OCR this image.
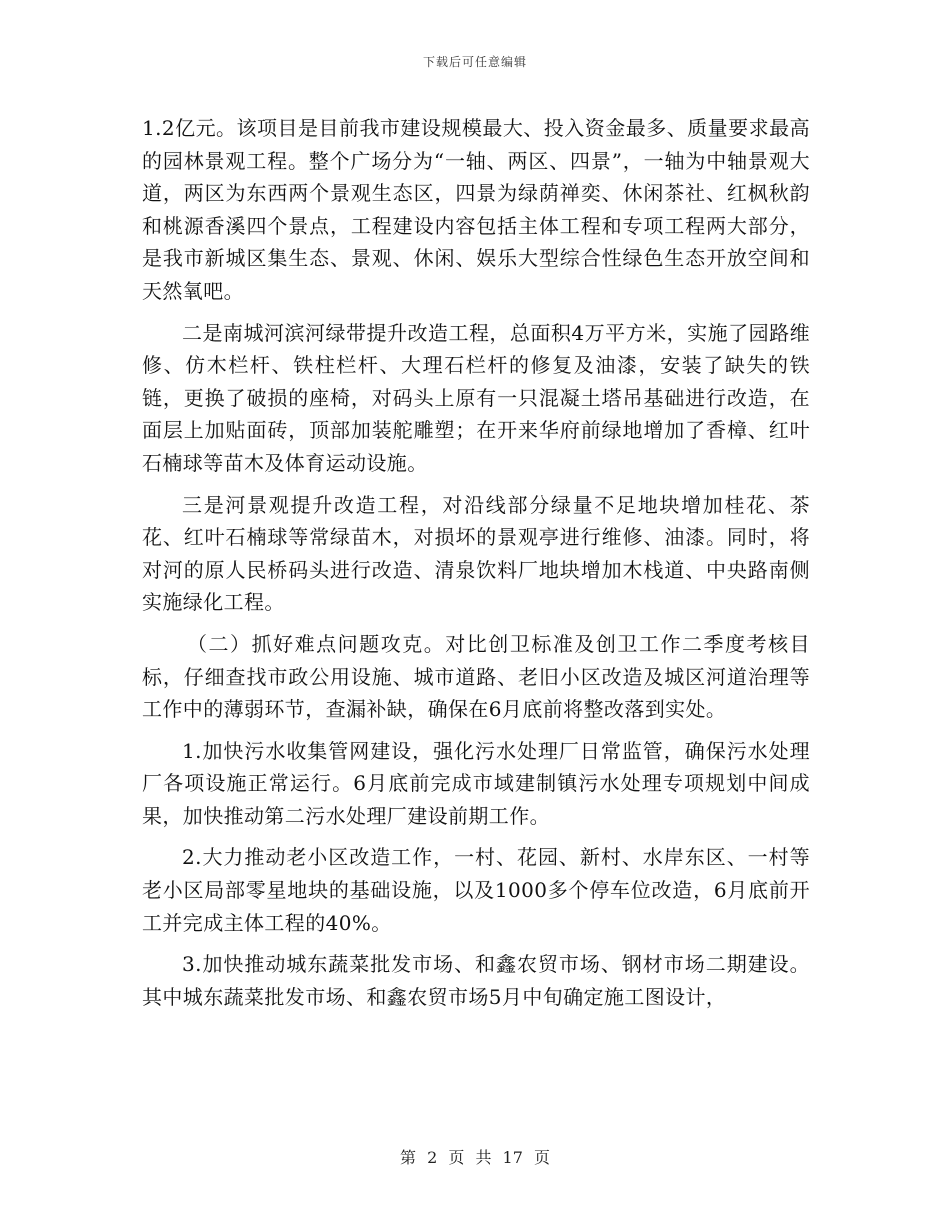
下载后可任意编辑

1.2亿元。该项目是目前我市建设规模最大、投入资金最多、质量要求最高的园林景观工程。整个广场分为“一轴、两区、四景”，一轴为中轴景观大道，两区为东西两个景观生态区，四景为绿荫禅奕、休闲茶社、红枫秋韵和桃源香溪四个景点，工程建设内容包括主体工程和专项工程两大部分，是我市新城区集生态、景观、休闲、娱乐大型综合性绿色生态开放空间和天然氧吧。

二是南城河滨河绿带提升改造工程，总面积4万平方米，实施了园路维修、仿木栏杆、铁柱栏杆、大理石栏杆的修复及油漆，安装了缺失的铁链，更换了破损的座椅，对码头上原有一只混凝土塔吊基础进行改造，在面层上加贴面砖，顶部加装舵雕塑；在开来华府前绿地增加了香樟、红叶石楠球等苗木及体育运动设施。

三是河景观提升改造工程，对沿线部分绿量不足地块增加桂花、茶花、红叶石楠球等常绿苗木，对损坏的景观亭进行维修、油漆。同时，将对河的原人民桥码头进行改造、清泉饮料厂地块增加木栈道、中央路南侧实施绿化工程。

（二）抓好难点问题攻克。对比创卫标准及创卫工作二季度考核目标，仔细查找市政公用设施、城市道路、老旧小区改造及城区河道治理等工作中的薄弱环节，查漏补缺，确保在6月底前将整改落到实处。

1.加快污水收集管网建设，强化污水处理厂日常监管，确保污水处理厂各项设施正常运行。6月底前完成市域建制镇污水处理专项规划中间成果，加快推动第二污水处理厂建设前期工作。

2.大力推动老小区改造工作，一村、花园、新村、水岸东区、一村等老小区局部零星地块的基础设施，以及1000多个停车位改造，6月底前开工并完成主体工程的40%。

3.加快推动城东蔬菜批发市场、和鑫农贸市场、钢材市场二期建设。其中城东蔬菜批发市场、和鑫农贸市场5月中旬确定施工图设计，

第 2 页 共 17 页
